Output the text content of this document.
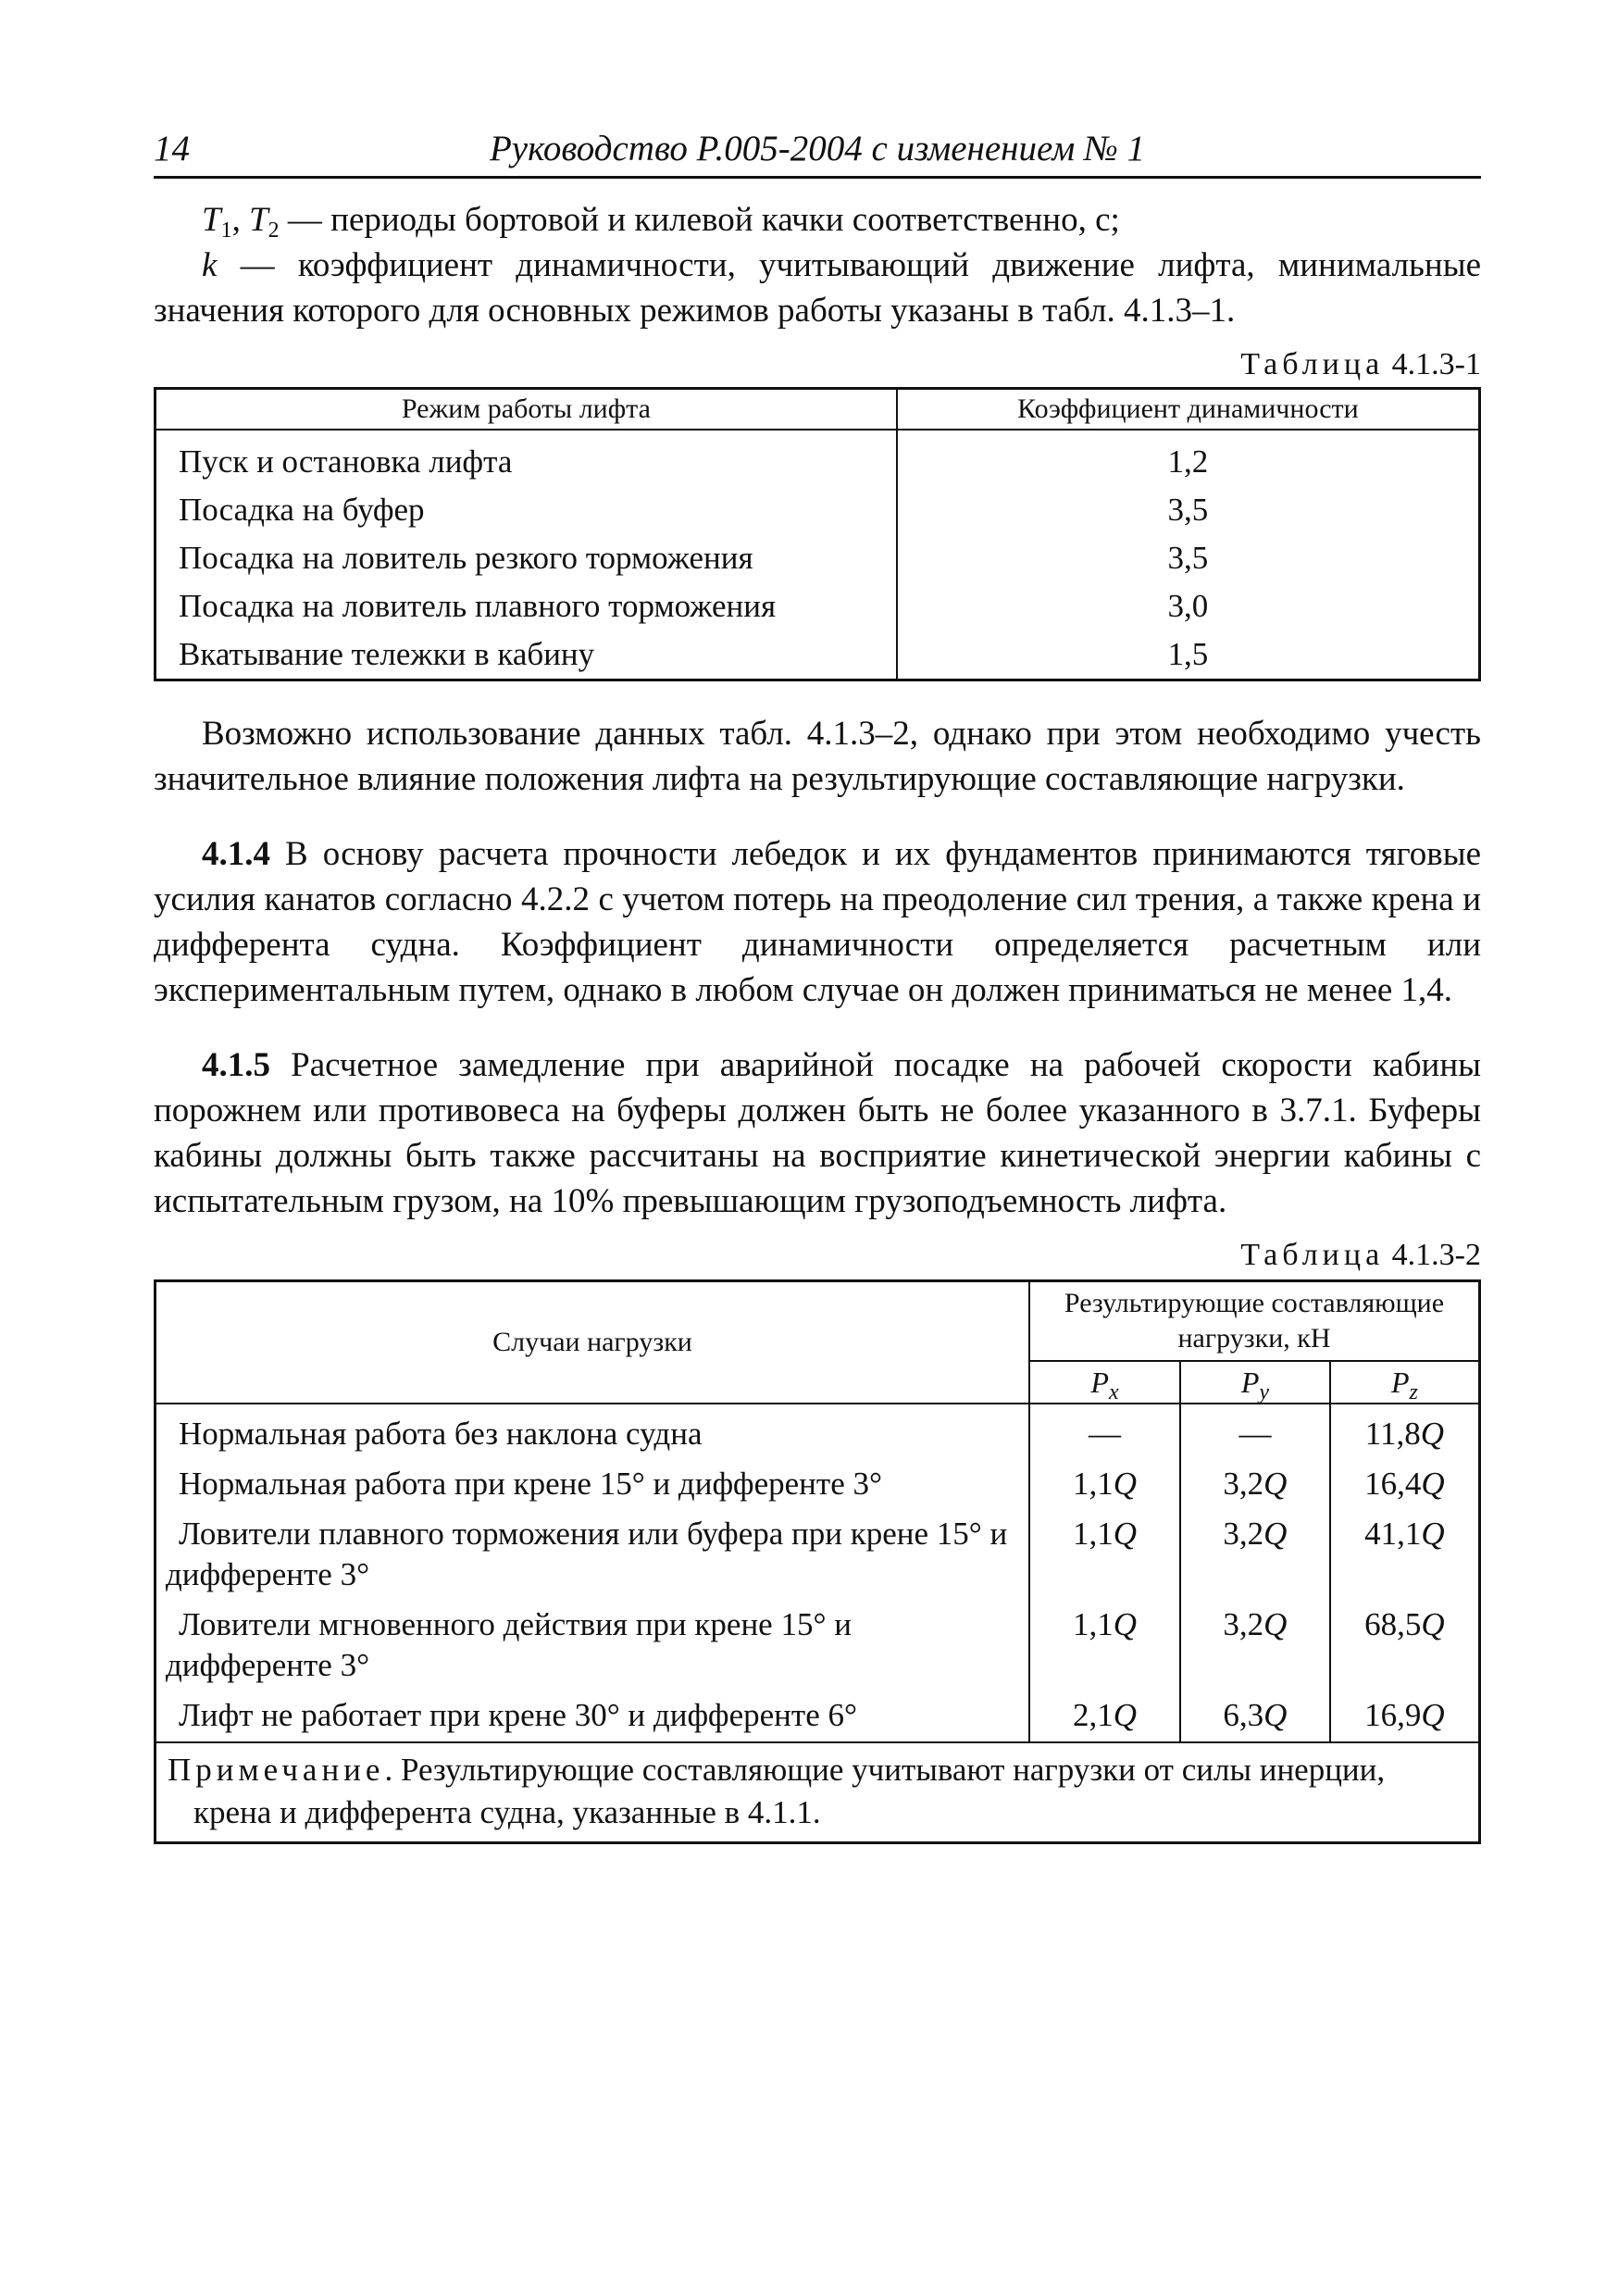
14	Руководство Р.005-2004 с изменением № 1

$T_1$, $T_2$ — периоды бортовой и килевой качки соответственно, с;

k — коэффициент динамичности, учитывающий движение лифта, минимальные значения которого для основных режимов работы указаны в табл. 4.1.3–1.

Таблица 4.1.3-1
Режим работы лифта	Коэффициент динамичности
Пуск и остановка лифта	1,2
Посадка на буфер	3,5
Посадка на ловитель резкого торможения	3,5
Посадка на ловитель плавного торможения	3,0
Вкатывание тележки в кабину	1,5

Возможно использование данных табл. 4.1.3–2, однако при этом необходимо учесть значительное влияние положения лифта на результирующие составляющие нагрузки.

4.1.4 В основу расчета прочности лебедок и их фундаментов принимаются тяговые усилия канатов согласно 4.2.2 с учетом потерь на преодоление сил трения, а также крена и дифферента судна. Коэффициент динамичности определяется расчетным или экспериментальным путем, однако в любом случае он должен приниматься не менее 1,4.

4.1.5 Расчетное замедление при аварийной посадке на рабочей скорости кабины порожнем или противовеса на буферы должен быть не более указанного в 3.7.1. Буферы кабины должны быть также рассчитаны на восприятие кинетической энергии кабины с испытательным грузом, на 10% превышающим грузоподъемность лифта.

Таблица 4.1.3-2
Случаи нагрузки	Результирующие составляющие нагрузки, кН		
	$P_x$	$P_y$	$P_z$
Нормальная работа без наклона судна	—	—	11,8Q
Нормальная работа при крене 15° и дифференте 3°	1,1Q	3,2Q	16,4Q
Ловители плавного торможения или буфера при крене 15° и дифференте 3°	1,1Q	3,2Q	41,1Q
Ловители мгновенного действия при крене 15° и дифференте 3°	1,1Q	3,2Q	68,5Q
Лифт не работает при крене 30° и дифференте 6°	2,1Q	6,3Q	16,9Q
Примечание. Результирующие составляющие учитывают нагрузки от силы инерции, крена и дифферента судна, указанные в 4.1.1.			
